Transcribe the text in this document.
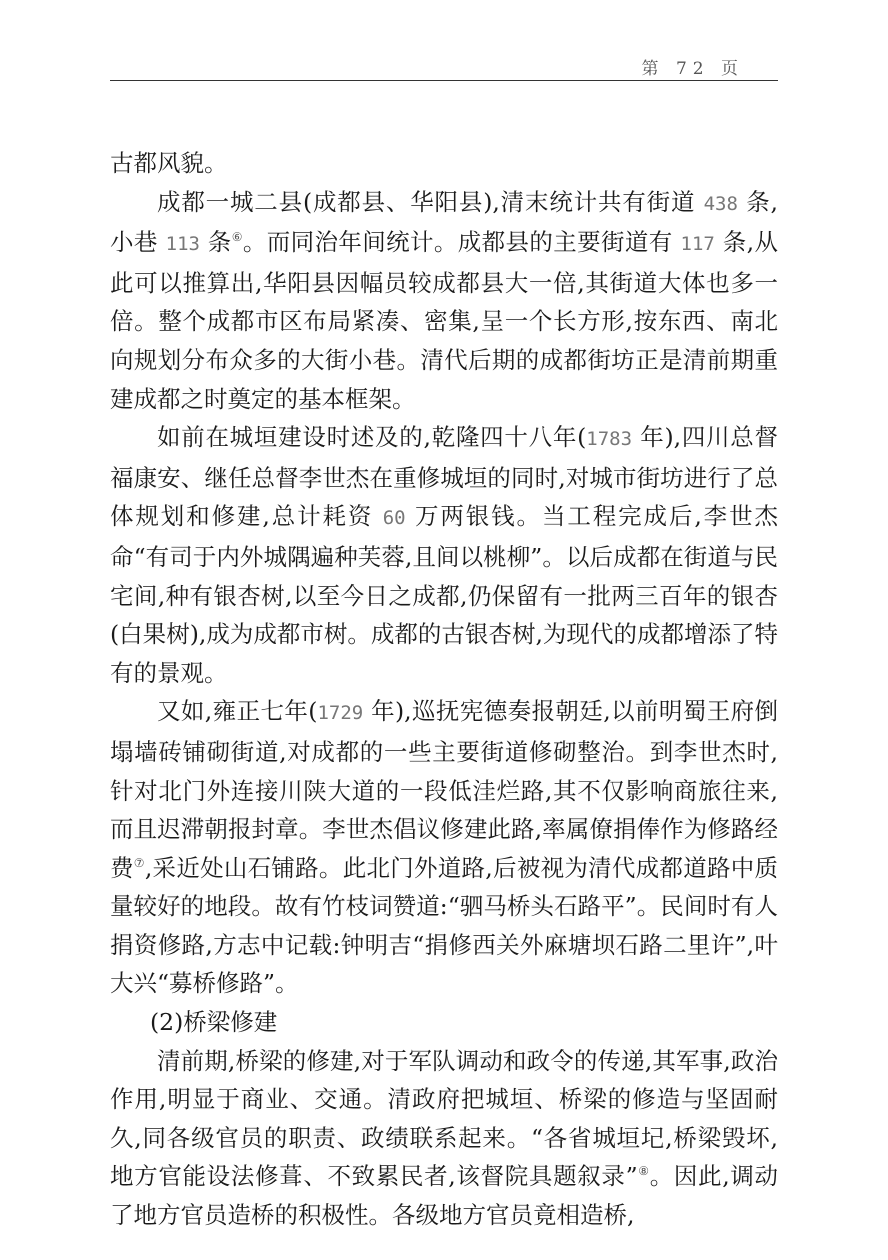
第 72 页

古都风貌。

成都一城二县(成都县、华阳县),清末统计共有街道 438 条,小巷 113 条⑥。而同治年间统计。成都县的主要街道有 117 条,从此可以推算出,华阳县因幅员较成都县大一倍,其街道大体也多一倍。整个成都市区布局紧凑、密集,呈一个长方形,按东西、南北向规划分布众多的大街小巷。清代后期的成都街坊正是清前期重建成都之时奠定的基本框架。

如前在城垣建设时述及的,乾隆四十八年(1783 年),四川总督福康安、继任总督李世杰在重修城垣的同时,对城市街坊进行了总体规划和修建,总计耗资 60 万两银钱。当工程完成后,李世杰命“有司于内外城隅遍种芙蓉,且间以桃柳”。以后成都在街道与民宅间,种有银杏树,以至今日之成都,仍保留有一批两三百年的银杏(白果树),成为成都市树。成都的古银杏树,为现代的成都增添了特有的景观。

又如,雍正七年(1729 年),巡抚宪德奏报朝廷,以前明蜀王府倒塌墙砖铺砌街道,对成都的一些主要街道修砌整治。到李世杰时,针对北门外连接川陕大道的一段低洼烂路,其不仅影响商旅往来,而且迟滞朝报封章。李世杰倡议修建此路,率属僚捐俸作为修路经费⑦,采近处山石铺路。此北门外道路,后被视为清代成都道路中质量较好的地段。故有竹枝词赞道:“驷马桥头石路平”。民间时有人捐资修路,方志中记载:钟明吉“捐修西关外麻塘坝石路二里许”,叶大兴“募桥修路”。

(2)桥梁修建

清前期,桥梁的修建,对于军队调动和政令的传递,其军事,政治作用,明显于商业、交通。清政府把城垣、桥梁的修造与坚固耐久,同各级官员的职责、政绩联系起来。“各省城垣圮,桥梁毁坏,地方官能设法修葺、不致累民者,该督院具题叙录”⑧。因此,调动了地方官员造桥的积极性。各级地方官员竟相造桥,
